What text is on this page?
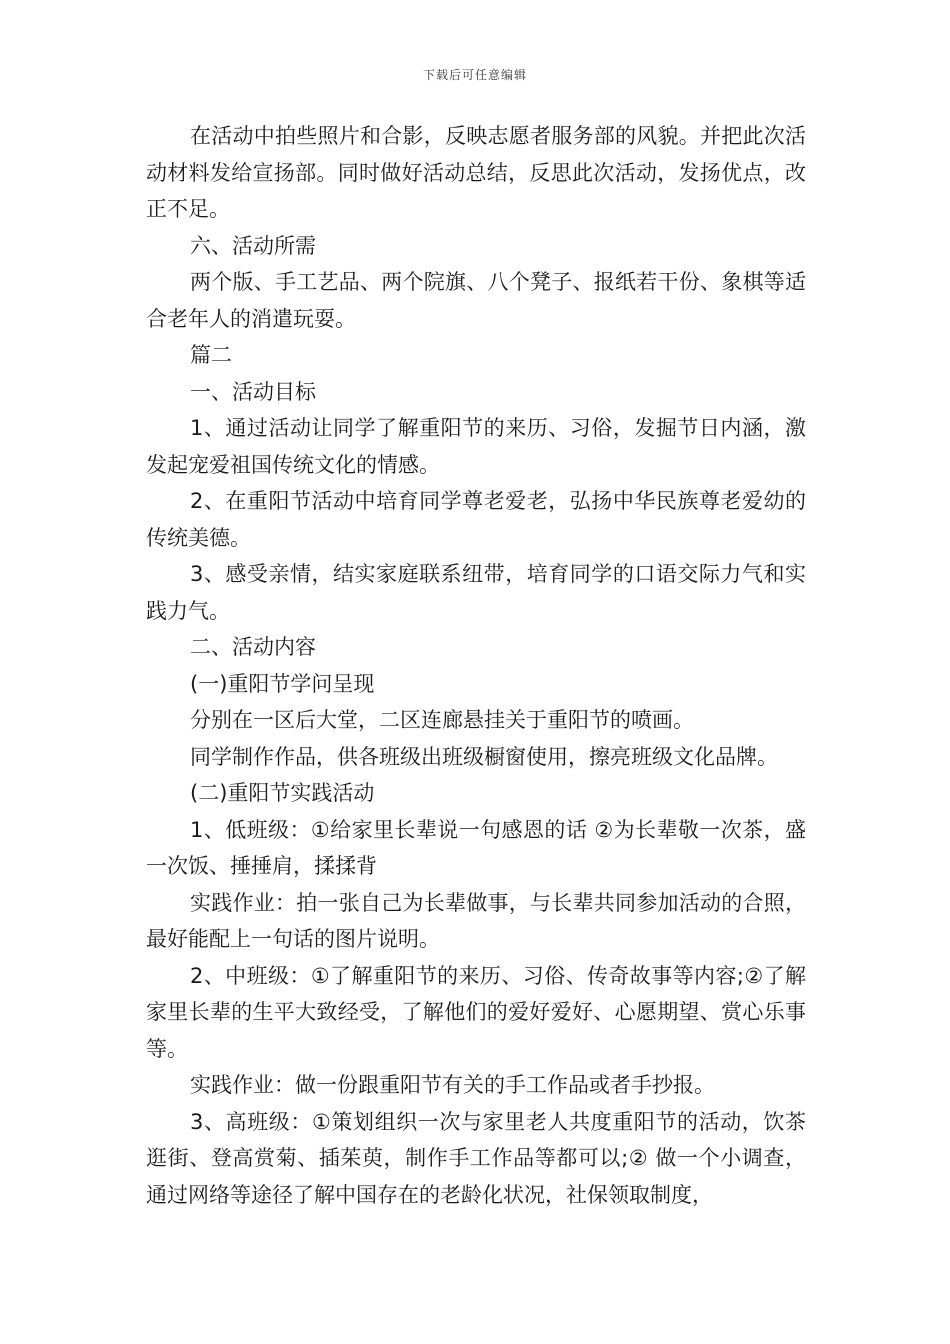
下载后可任意编辑

在活动中拍些照片和合影，反映志愿者服务部的风貌。并把此次活动材料发给宣扬部。同时做好活动总结，反思此次活动，发扬优点，改正不足。

六、活动所需

两个版、手工艺品、两个院旗、八个凳子、报纸若干份、象棋等适合老年人的消遣玩耍。

篇二

一、活动目标

1、通过活动让同学了解重阳节的来历、习俗，发掘节日内涵，激发起宠爱祖国传统文化的情感。

2、在重阳节活动中培育同学尊老爱老，弘扬中华民族尊老爱幼的传统美德。

3、感受亲情，结实家庭联系纽带，培育同学的口语交际力气和实践力气。

二、活动内容

(一)重阳节学问呈现

分别在一区后大堂，二区连廊悬挂关于重阳节的喷画。

同学制作作品，供各班级出班级橱窗使用，擦亮班级文化品牌。

(二)重阳节实践活动

1、低班级：①给家里长辈说一句感恩的话 ②为长辈敬一次茶，盛一次饭、捶捶肩，揉揉背

实践作业：拍一张自己为长辈做事，与长辈共同参加活动的合照，最好能配上一句话的图片说明。

2、中班级：①了解重阳节的来历、习俗、传奇故事等内容;②了解家里长辈的生平大致经受，了解他们的爱好爱好、心愿期望、赏心乐事等。

实践作业：做一份跟重阳节有关的手工作品或者手抄报。

3、高班级：①策划组织一次与家里老人共度重阳节的活动，饮茶逛街、登高赏菊、插茱萸，制作手工作品等都可以;② 做一个小调查，通过网络等途径了解中国存在的老龄化状况，社保领取制度，
